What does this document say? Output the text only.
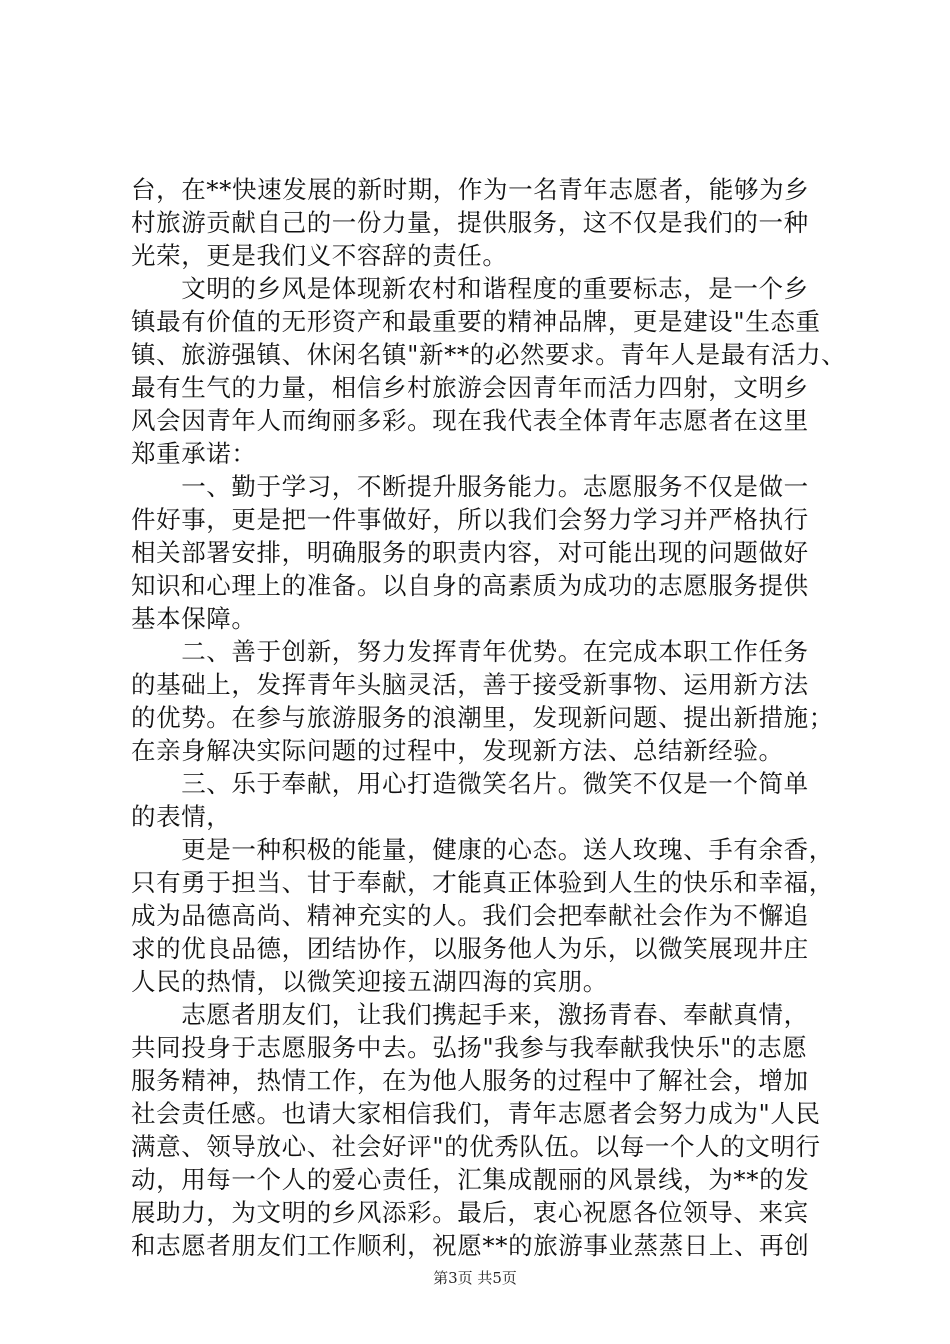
台，在**快速发展的新时期，作为一名青年志愿者，能够为乡
村旅游贡献自己的一份力量，提供服务，这不仅是我们的一种
光荣，更是我们义不容辞的责任。
　　文明的乡风是体现新农村和谐程度的重要标志，是一个乡
镇最有价值的无形资产和最重要的精神品牌，更是建设"生态重
镇、旅游强镇、休闲名镇"新**的必然要求。青年人是最有活力、
最有生气的力量，相信乡村旅游会因青年而活力四射，文明乡
风会因青年人而绚丽多彩。现在我代表全体青年志愿者在这里
郑重承诺：
　　一、勤于学习，不断提升服务能力。志愿服务不仅是做一
件好事，更是把一件事做好，所以我们会努力学习并严格执行
相关部署安排，明确服务的职责内容，对可能出现的问题做好
知识和心理上的准备。以自身的高素质为成功的志愿服务提供
基本保障。
　　二、善于创新，努力发挥青年优势。在完成本职工作任务
的基础上，发挥青年头脑灵活，善于接受新事物、运用新方法
的优势。在参与旅游服务的浪潮里，发现新问题、提出新措施；
在亲身解决实际问题的过程中，发现新方法、总结新经验。
　　三、乐于奉献，用心打造微笑名片。微笑不仅是一个简单
的表情，
　　更是一种积极的能量，健康的心态。送人玫瑰、手有余香，
只有勇于担当、甘于奉献，才能真正体验到人生的快乐和幸福，
成为品德高尚、精神充实的人。我们会把奉献社会作为不懈追
求的优良品德，团结协作，以服务他人为乐，以微笑展现井庄
人民的热情，以微笑迎接五湖四海的宾朋。
　　志愿者朋友们，让我们携起手来，激扬青春、奉献真情，
共同投身于志愿服务中去。弘扬"我参与我奉献我快乐"的志愿
服务精神，热情工作，在为他人服务的过程中了解社会，增加
社会责任感。也请大家相信我们，青年志愿者会努力成为"人民
满意、领导放心、社会好评"的优秀队伍。以每一个人的文明行
动，用每一个人的爱心责任，汇集成靓丽的风景线，为**的发
展助力，为文明的乡风添彩。最后，衷心祝愿各位领导、来宾
和志愿者朋友们工作顺利，祝愿**的旅游事业蒸蒸日上、再创
第3页 共5页
